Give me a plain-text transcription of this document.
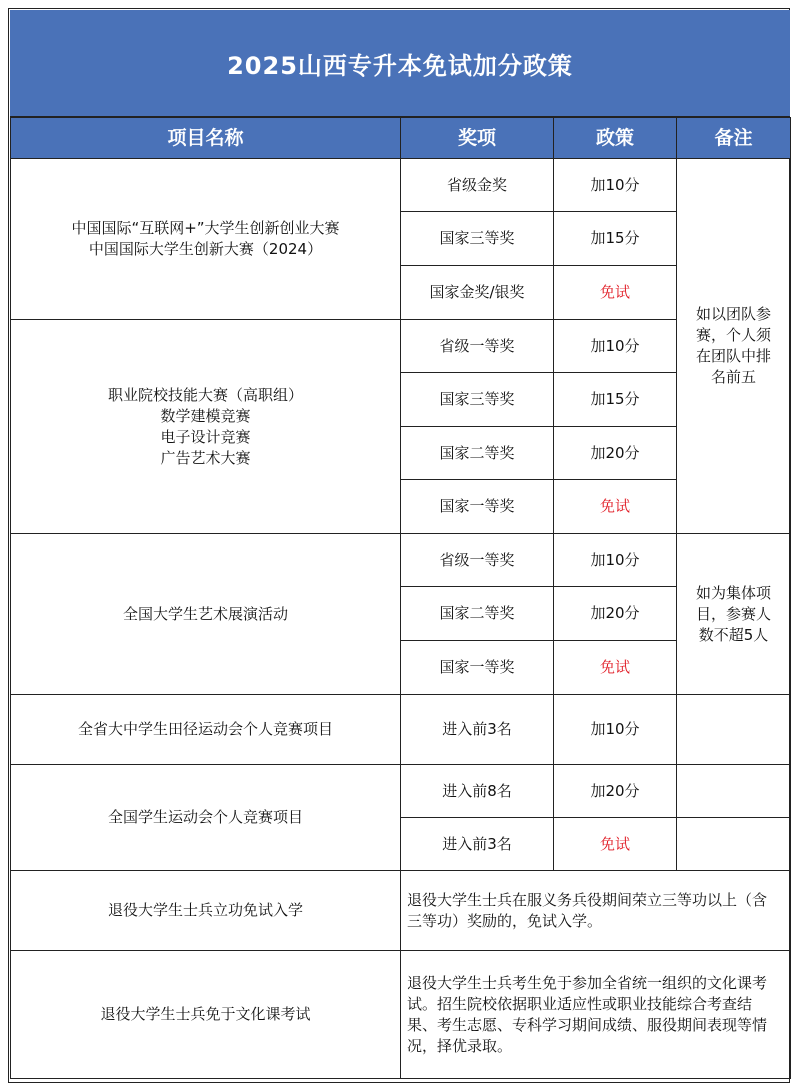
2025山西专升本免试加分政策
项目名称	奖项	政策	备注

中国国际“互联网+”大学生创新创业大赛
中国国际大学生创新大赛（2024）	省级金奖	加10分	如以团队参
赛，个人须
在团队中排
名前五

	国家三等奖	加15分	
	国家金奖/银奖	免试	

职业院校技能大赛（高职组）
数学建模竞赛
电子设计竞赛
广告艺术大赛	省级一等奖	加10分	
	国家三等奖	加15分	
	国家二等奖	加20分	
	国家一等奖	免试	

全国大学生艺术展演活动	省级一等奖	加10分	如为集体项
目，参赛人
数不超5人

	国家二等奖	加20分	
	国家一等奖	免试	

全省大中学生田径运动会个人竞赛项目	进入前3名	加10分	

全国学生运动会个人竞赛项目	进入前8名	加20分	
	进入前3名	免试	
退役大学生士兵立功免试入学	退役大学生士兵在服义务兵役期间荣立三等功以上（含三等功）奖励的，免试入学。		
退役大学生士兵免于文化课考试	退役大学生士兵考生免于参加全省统一组织的文化课考试。招生院校依据职业适应性或职业技能综合考查结果、考生志愿、专科学习期间成绩、服役期间表现等情况，择优录取。		
